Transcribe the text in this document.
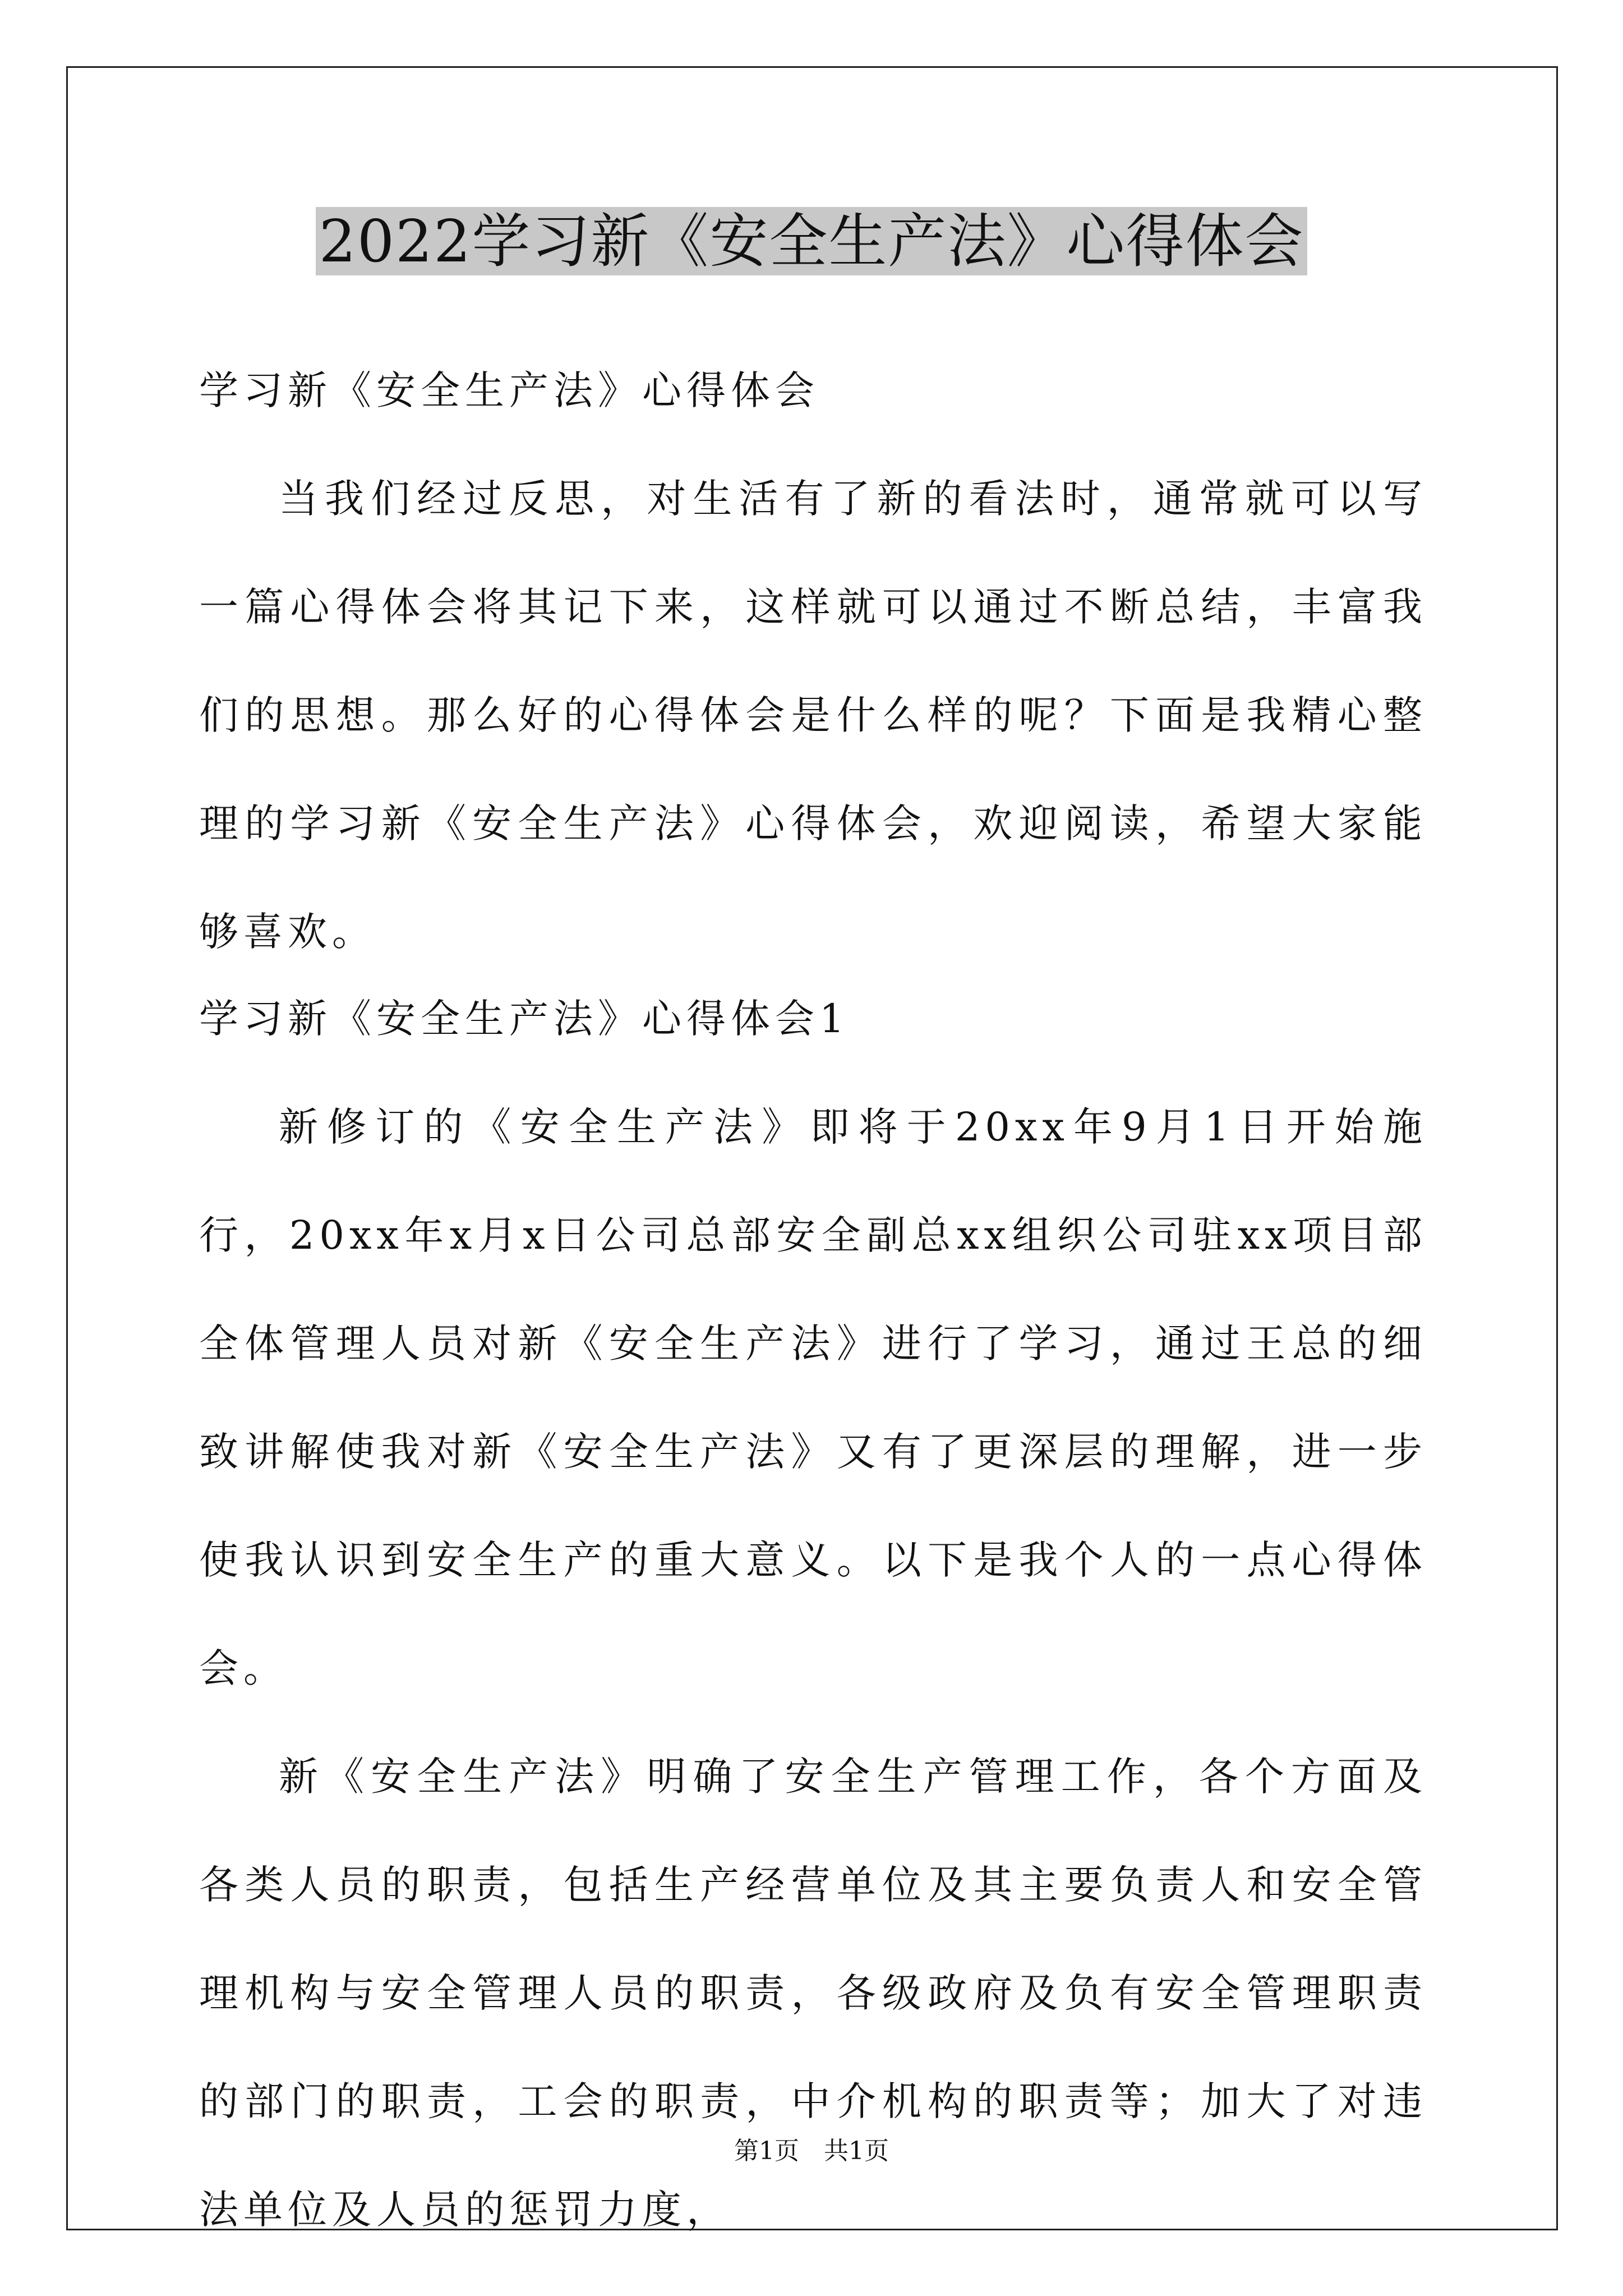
2022学习新《安全生产法》心得体会

学习新《安全生产法》心得体会

当我们经过反思，对生活有了新的看法时，通常就可以写一篇心得体会将其记下来，这样就可以通过不断总结，丰富我们的思想。那么好的心得体会是什么样的呢？下面是我精心整理的学习新《安全生产法》心得体会，欢迎阅读，希望大家能够喜欢。

学习新《安全生产法》心得体会1

新修订的《安全生产法》即将于20xx年9月1日开始施行，20xx年x月x日公司总部安全副总xx组织公司驻xx项目部全体管理人员对新《安全生产法》进行了学习，通过王总的细致讲解使我对新《安全生产法》又有了更深层的理解，进一步使我认识到安全生产的重大意义。以下是我个人的一点心得体会。

新《安全生产法》明确了安全生产管理工作，各个方面及各类人员的职责，包括生产经营单位及其主要负责人和安全管理机构与安全管理人员的职责，各级政府及负有安全管理职责的部门的职责，工会的职责，中介机构的职责等；加大了对违法单位及人员的惩罚力度，

第1页　共1页
